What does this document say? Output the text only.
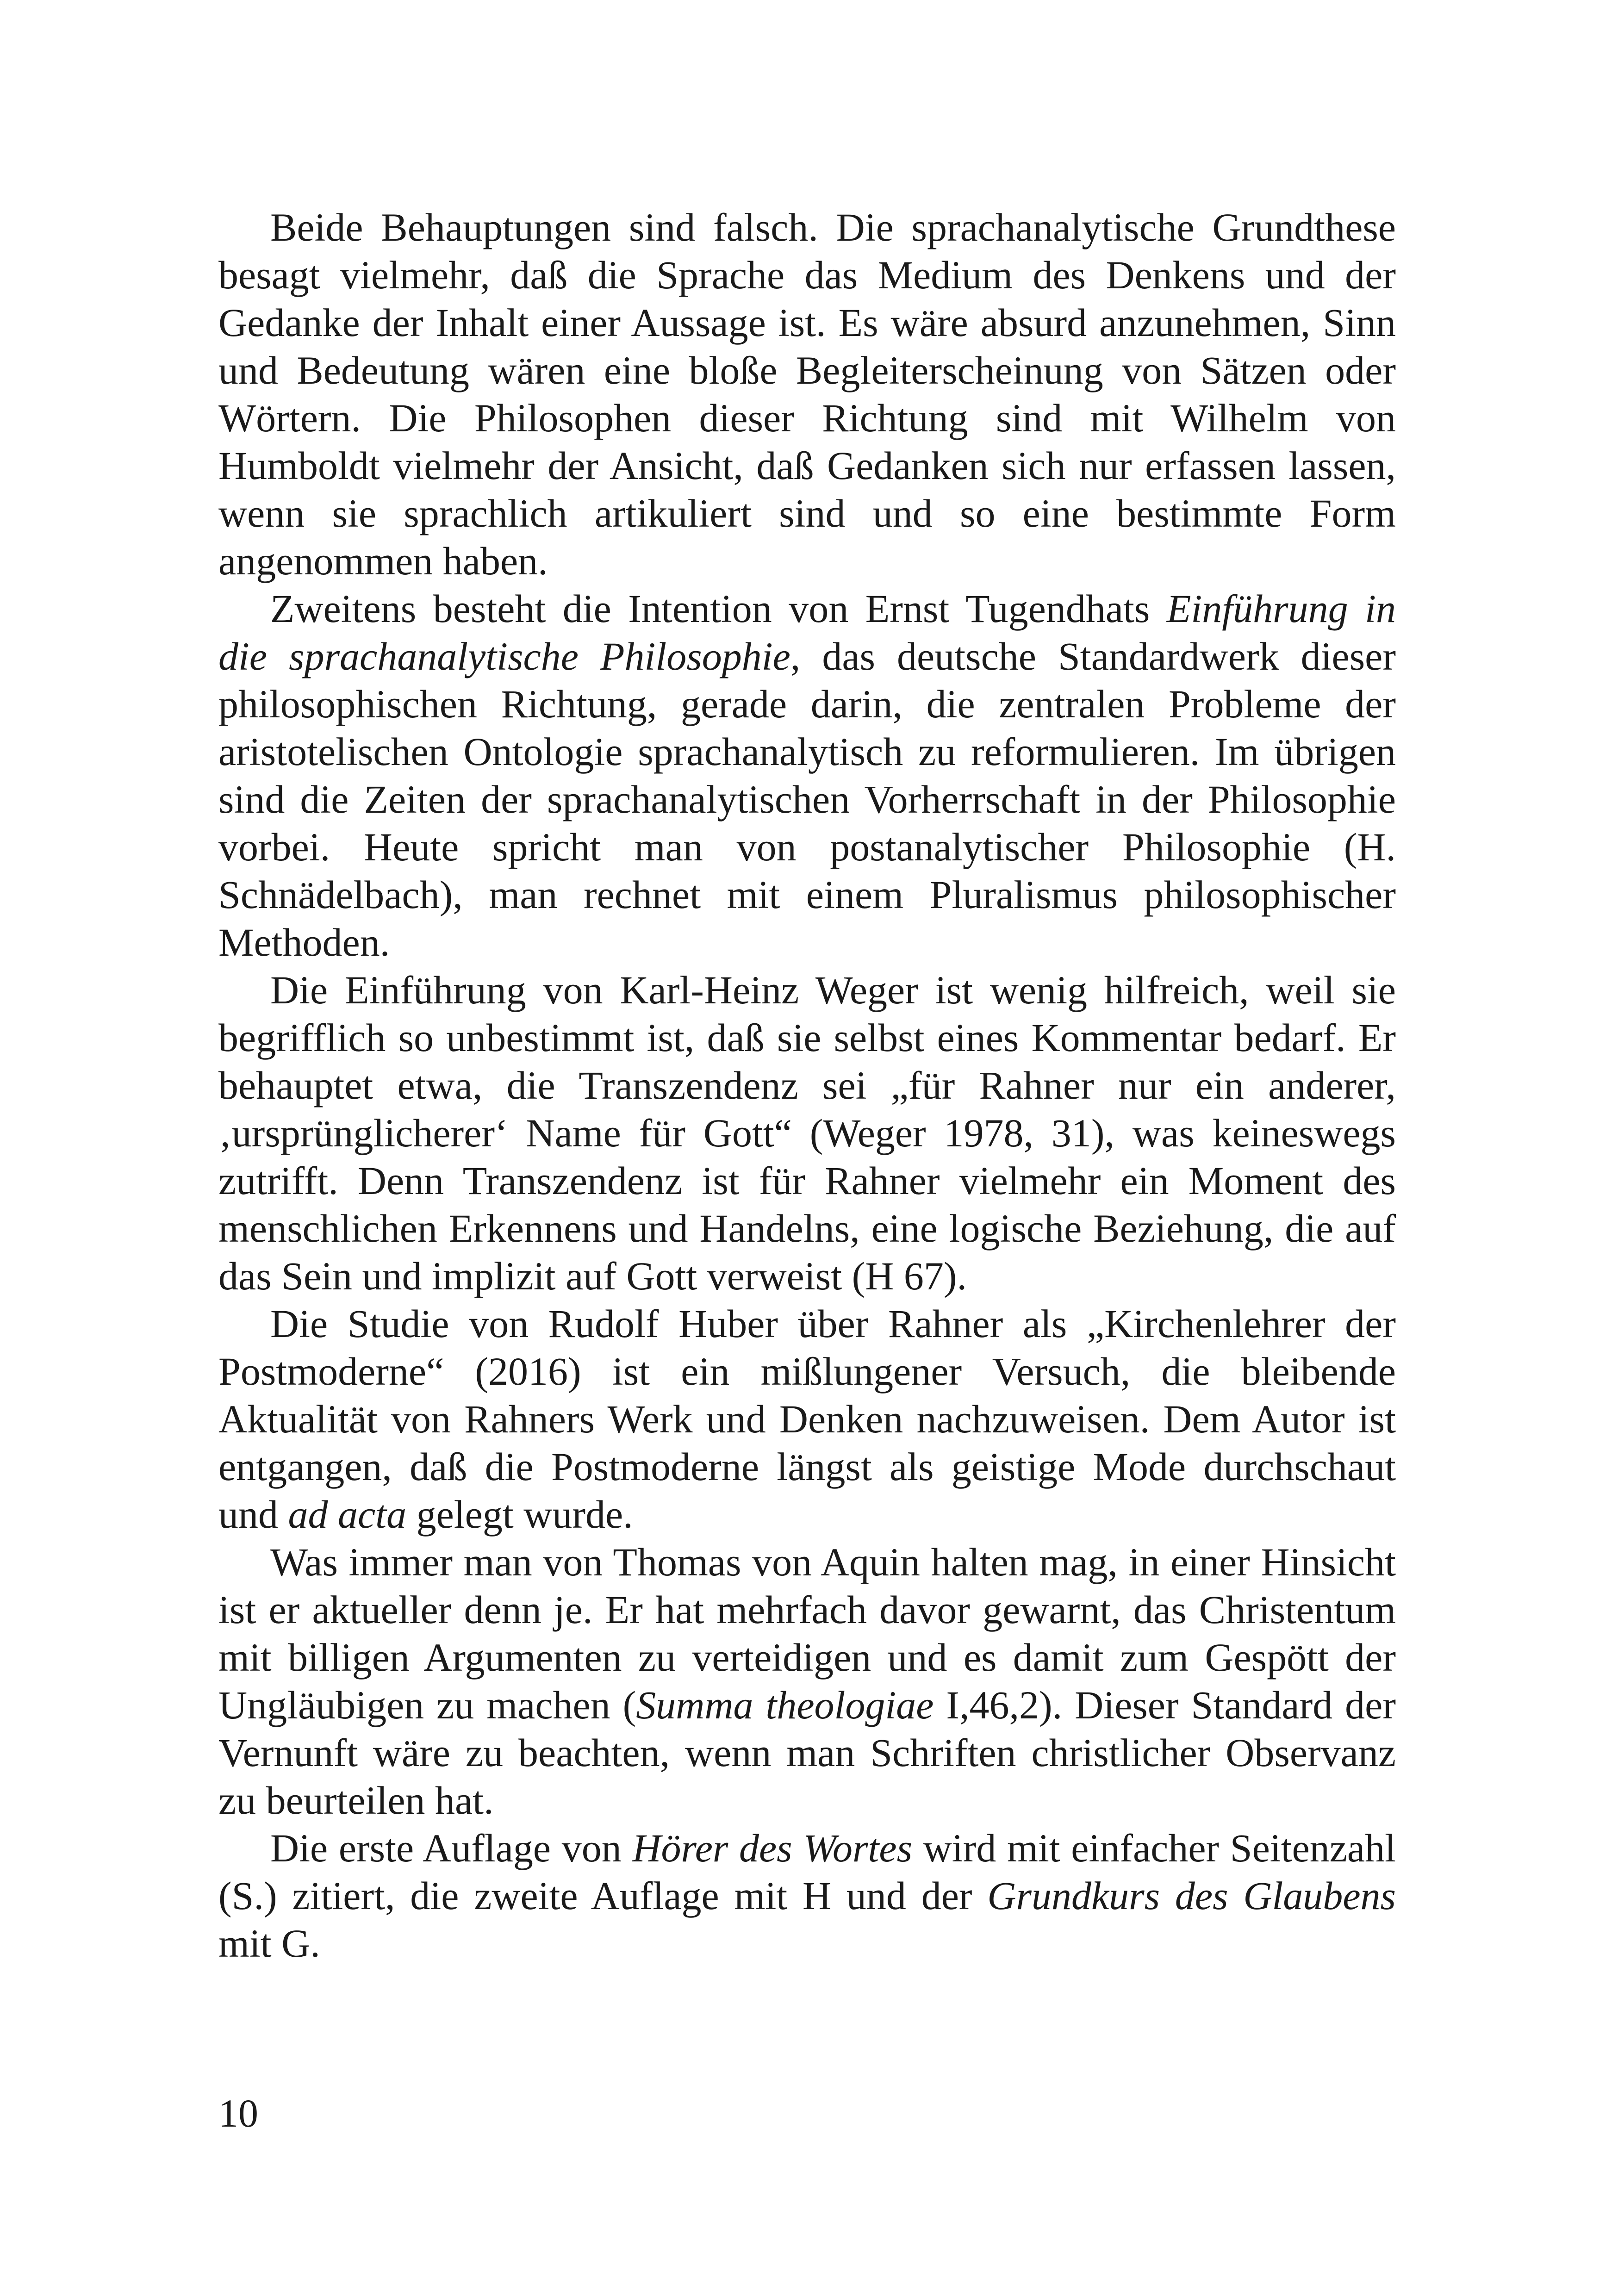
Beide Behauptungen sind falsch. Die sprachanalytische Grundthese besagt vielmehr, daß die Sprache das Medium des Denkens und der Gedanke der Inhalt einer Aussage ist. Es wäre absurd anzunehmen, Sinn und Bedeutung wären eine bloße Begleiterscheinung von Sätzen oder Wörtern. Die Philosophen dieser Richtung sind mit Wilhelm von Humboldt vielmehr der Ansicht, daß Gedanken sich nur erfassen lassen, wenn sie sprachlich artikuliert sind und so eine bestimmte Form angenommen haben.

Zweitens besteht die Intention von Ernst Tugendhats Einführung in die sprachanalytische Philosophie, das deutsche Standardwerk dieser philosophischen Richtung, gerade darin, die zentralen Probleme der aristotelischen Ontologie sprachanalytisch zu reformulieren. Im übrigen sind die Zeiten der sprachanalytischen Vorherrschaft in der Philosophie vorbei. Heute spricht man von postanalytischer Philosophie (H. Schnädelbach), man rechnet mit einem Pluralismus philosophischer Methoden.

Die Einführung von Karl-Heinz Weger ist wenig hilfreich, weil sie begrifflich so unbestimmt ist, daß sie selbst eines Kommentar bedarf. Er behauptet etwa, die Transzendenz sei „für Rahner nur ein anderer, ‚ursprünglicherer‘ Name für Gott“ (Weger 1978, 31), was keineswegs zutrifft. Denn Transzendenz ist für Rahner vielmehr ein Moment des menschlichen Erkennens und Handelns, eine logische Beziehung, die auf das Sein und implizit auf Gott verweist (H 67).

Die Studie von Rudolf Huber über Rahner als „Kirchenlehrer der Postmoderne“ (2016) ist ein mißlungener Versuch, die bleibende Aktualität von Rahners Werk und Denken nachzuweisen. Dem Autor ist entgangen, daß die Postmoderne längst als geistige Mode durchschaut und ad acta gelegt wurde.

Was immer man von Thomas von Aquin halten mag, in einer Hinsicht ist er aktueller denn je. Er hat mehrfach davor gewarnt, das Christentum mit billigen Argumenten zu verteidigen und es damit zum Gespött der Ungläubigen zu machen (Summa theologiae I,46,2). Dieser Standard der Vernunft wäre zu beachten, wenn man Schriften christlicher Observanz zu beurteilen hat.

Die erste Auflage von Hörer des Wortes wird mit einfacher Seitenzahl (S.) zitiert, die zweite Auflage mit H und der Grundkurs des Glaubens mit G.

10
